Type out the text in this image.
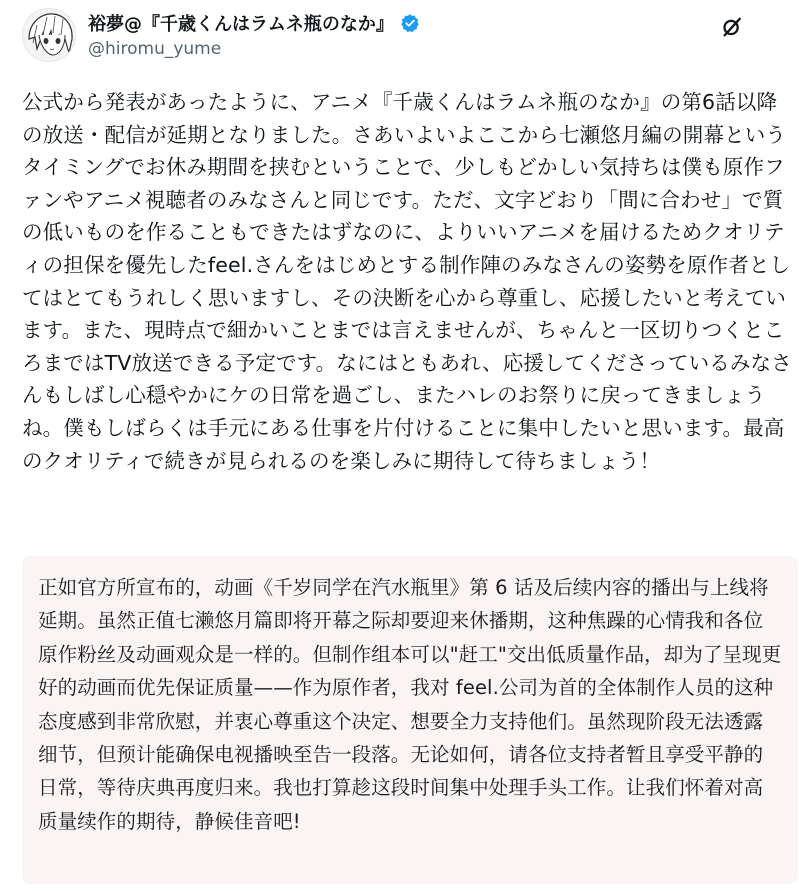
裕夢@『千歳くんはラムネ瓶のなか』
@hiromu_yume
公式から発表があったように、アニメ『千歳くんはラムネ瓶のなか』の第6話以降の放送・配信が延期となりました。さあいよいよここから七瀬悠月編の開幕というタイミングでお休み期間を挟むということで、少しもどかしい気持ちは僕も原作ファンやアニメ視聴者のみなさんと同じです。ただ、文字どおり「間に合わせ」で質の低いものを作ることもできたはずなのに、よりいいアニメを届けるためクオリティの担保を優先したfeel.さんをはじめとする制作陣のみなさんの姿勢を原作者としてはとてもうれしく思いますし、その決断を心から尊重し、応援したいと考えています。また、現時点で細かいことまでは言えませんが、ちゃんと一区切りつくところまではTV放送できる予定です。なにはともあれ、応援してくださっているみなさんもしばし心穏やかにケの日常を過ごし、またハレのお祭りに戻ってきましょうね。僕もしばらくは手元にある仕事を片付けることに集中したいと思います。最高のクオリティで続きが見られるのを楽しみに期待して待ちましょう！
正如官方所宣布的，动画《千岁同学在汽水瓶里》第 6 话及后续内容的播出与上线将延期。虽然正值七濑悠月篇即将开幕之际却要迎来休播期，这种焦躁的心情我和各位原作粉丝及动画观众是一样的。但制作组本可以"赶工"交出低质量作品，却为了呈现更好的动画而优先保证质量——作为原作者，我对 feel.公司为首的全体制作人员的这种态度感到非常欣慰，并衷心尊重这个决定、想要全力支持他们。虽然现阶段无法透露细节，但预计能确保电视播映至告一段落。无论如何，请各位支持者暂且享受平静的日常，等待庆典再度归来。我也打算趁这段时间集中处理手头工作。让我们怀着对高质量续作的期待，静候佳音吧!
